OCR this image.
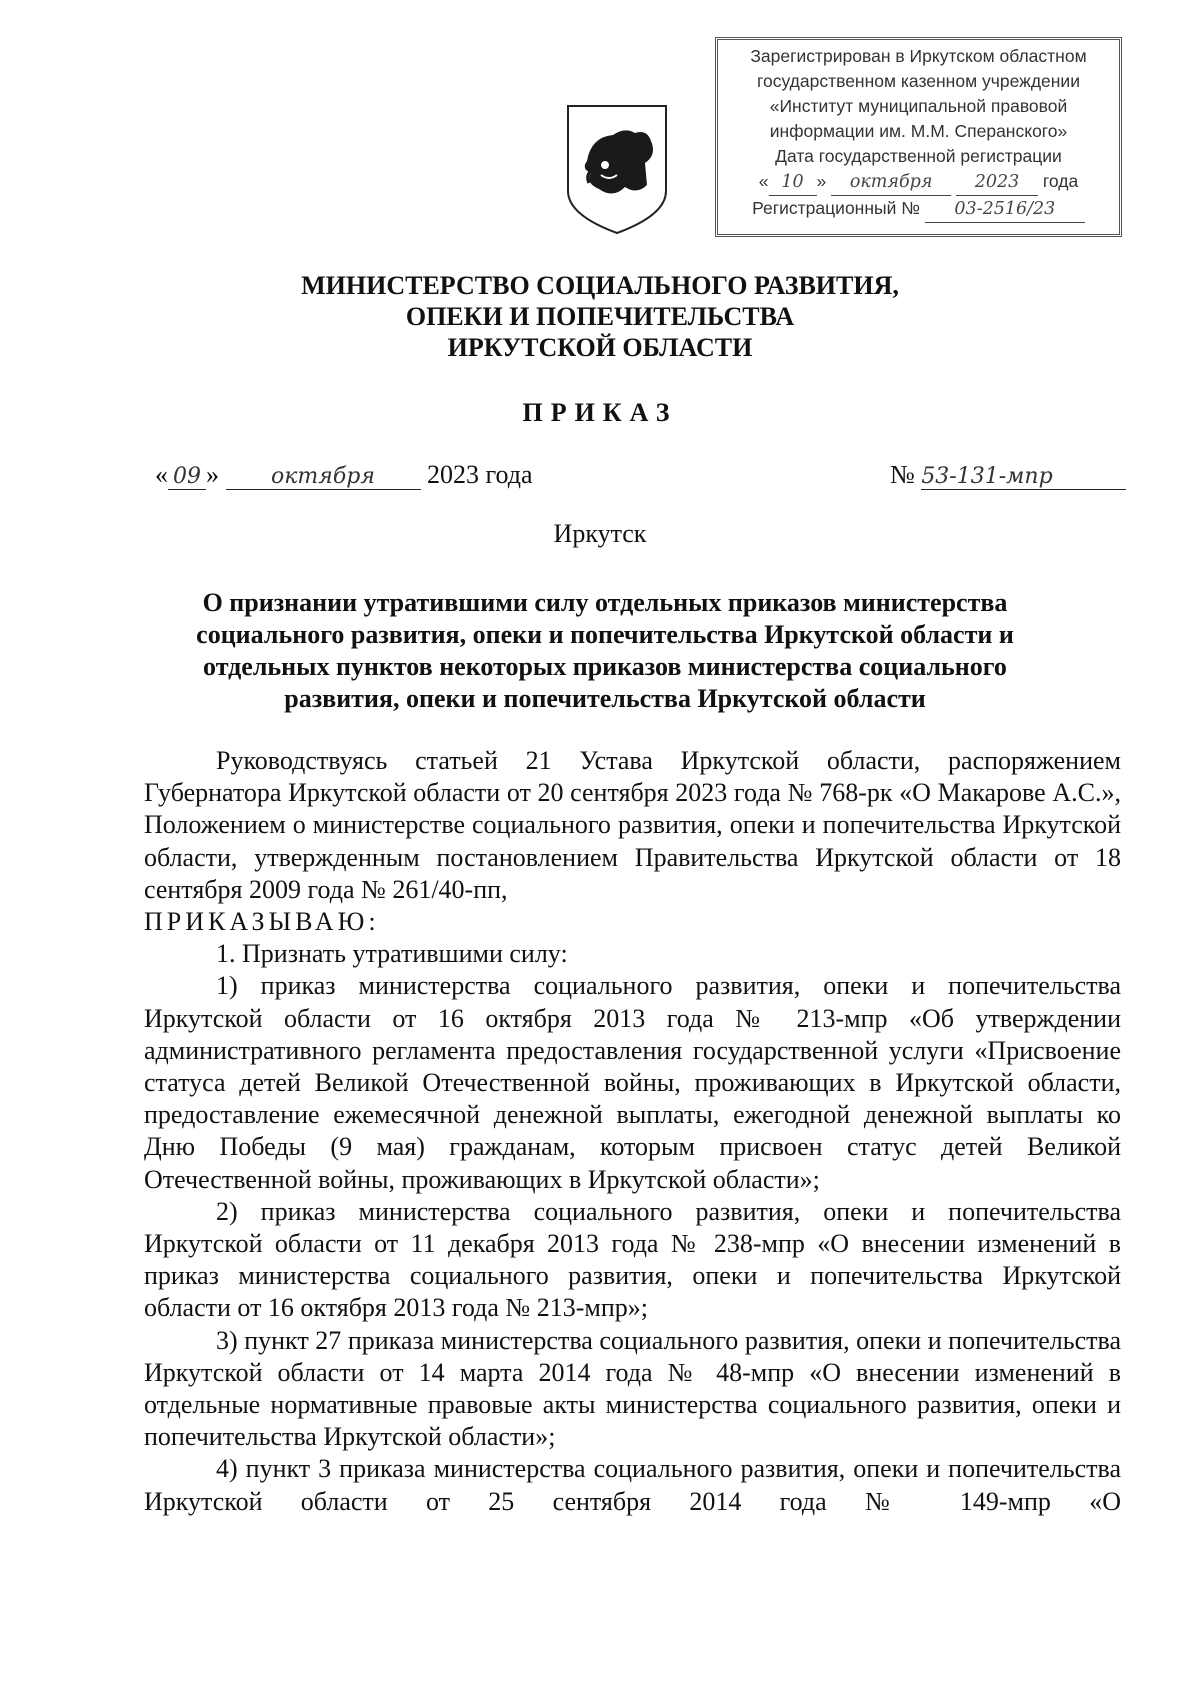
Зарегистрирован в Иркутском областном
государственном казенном учреждении
«Институт муниципальной правовой
информации им. М.М. Сперанского»
Дата государственной регистрации
« 10 » октября 2023 года
Регистрационный № 03-2516/23
МИНИСТЕРСТВО СОЦИАЛЬНОГО РАЗВИТИЯ,
ОПЕКИ И ПОПЕЧИТЕЛЬСТВА
ИРКУТСКОЙ ОБЛАСТИ
ПРИКАЗ
« 09 » октября 2023 года	№ 53-131-мпр
Иркутск
О признании утратившими силу отдельных приказов министерства социального развития, опеки и попечительства Иркутской области и отдельных пунктов некоторых приказов министерства социального развития, опеки и попечительства Иркутской области

Руководствуясь статьей 21 Устава Иркутской области, распоряжением Губернатора Иркутской области от 20 сентября 2023 года № 768-рк «О Макарове А.С.», Положением о министерстве социального развития, опеки и попечительства Иркутской области, утвержденным постановлением Правительства Иркутской области от 18 сентября 2009 года № 261/40-пп,

ПРИКАЗЫВАЮ:

1. Признать утратившими силу:

1) приказ министерства социального развития, опеки и попечительства Иркутской области от 16 октября 2013 года № 213-мпр «Об утверждении административного регламента предоставления государственной услуги «Присвоение статуса детей Великой Отечественной войны, проживающих в Иркутской области, предоставление ежемесячной денежной выплаты, ежегодной денежной выплаты ко Дню Победы (9 мая) гражданам, которым присвоен статус детей Великой Отечественной войны, проживающих в Иркутской области»;

2) приказ министерства социального развития, опеки и попечительства Иркутской области от 11 декабря 2013 года № 238-мпр «О внесении изменений в приказ министерства социального развития, опеки и попечительства Иркутской области от 16 октября 2013 года № 213-мпр»;

3) пункт 27 приказа министерства социального развития, опеки и попечительства Иркутской области от 14 марта 2014 года № 48-мпр «О внесении изменений в отдельные нормативные правовые акты министерства социального развития, опеки и попечительства Иркутской области»;

4) пункт 3 приказа министерства социального развития, опеки и попечительства Иркутской области от 25 сентября 2014 года № 149-мпр «О
